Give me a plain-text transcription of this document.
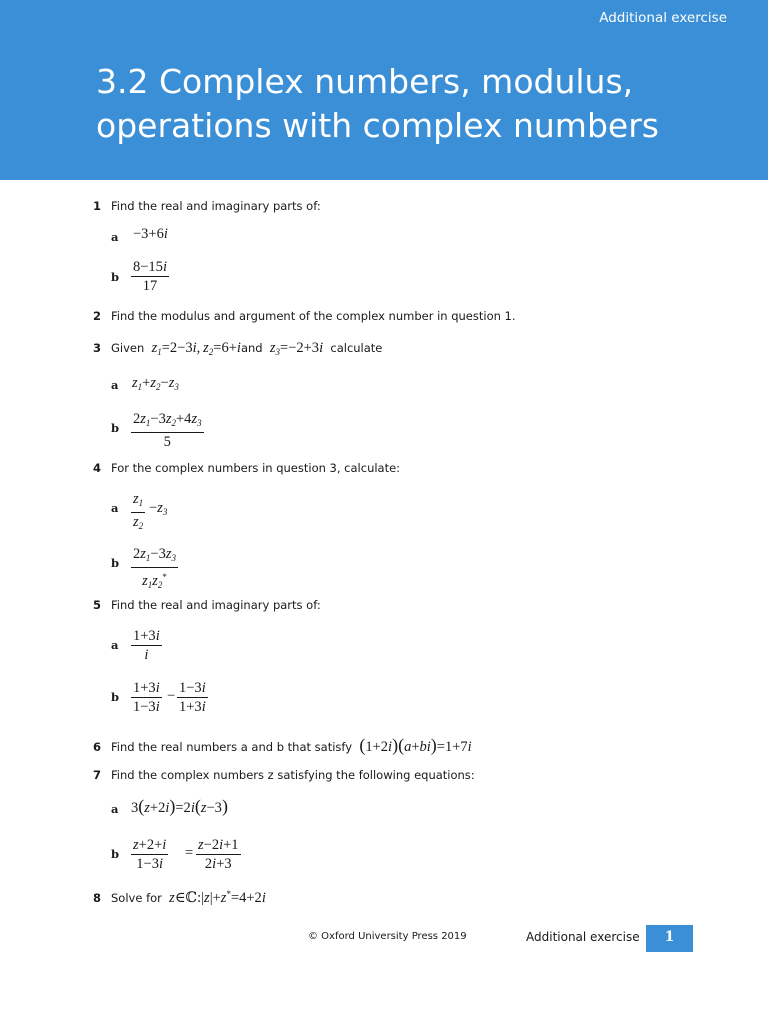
Additional exercise
3.2 Complex numbers, modulus, operations with complex numbers
1 Find the real and imaginary parts of:
a −3+6i
b $\frac{8-15i}{17}$
2 Find the modulus and argument of the complex number in question 1.
3 Given $z_1=2-3i$, $z_2=6+iand$ $z_3=-2+3i$ calculate
a $z_1+z_2-z_3$
b $\frac{2z_1-3z_2+4z_3}{5}$
4 For the complex numbers in question 3, calculate:
a $\frac{z_1}{z_2} -z_3$
b $\frac{2z_1-3z_3}{z_1z_2^*}$
5 Find the real and imaginary parts of:
a $\frac{1+3i}{i}$
b $\frac{1+3i}{1-3i} - \frac{1-3i}{1+3i}$
6 Find the real numbers a and b that satisfy (1+2i)(a+bi)=1+7i
7 Find the complex numbers z satisfying the following equations:
a 3(z+2i)=2i(z−3)
b $\frac{z+2+i}{1-3i} = \frac{z-2i+1}{2i+3}$
8 Solve for z∈ℂ:|z|+z*=4+2i
© Oxford University Press 2019	Additional exercise	1
